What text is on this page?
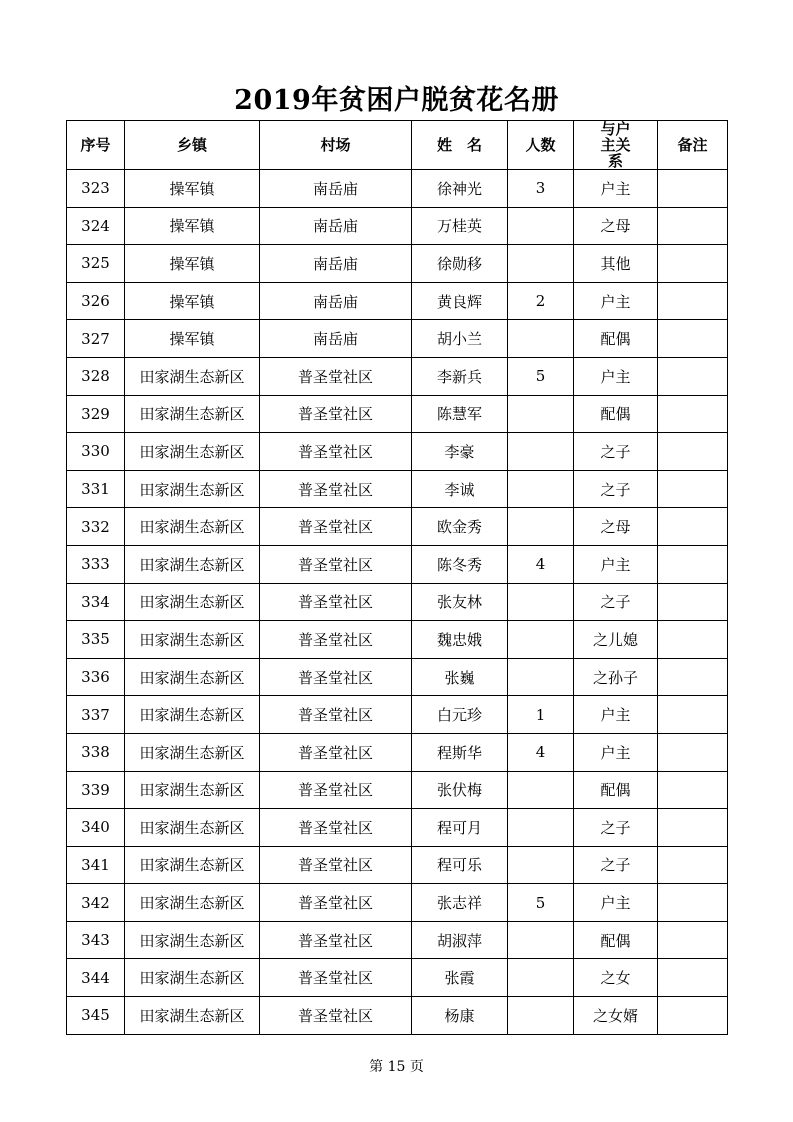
2019年贫困户脱贫花名册
序号	乡镇	村场	姓　名	人数	与户主关系	备注
323	操军镇	南岳庙	徐神光	3	户主	
324	操军镇	南岳庙	万桂英		之母	
325	操军镇	南岳庙	徐勋移		其他	
326	操军镇	南岳庙	黄良辉	2	户主	
327	操军镇	南岳庙	胡小兰		配偶	
328	田家湖生态新区	普圣堂社区	李新兵	5	户主	
329	田家湖生态新区	普圣堂社区	陈慧军		配偶	
330	田家湖生态新区	普圣堂社区	李豪		之子	
331	田家湖生态新区	普圣堂社区	李诚		之子	
332	田家湖生态新区	普圣堂社区	欧金秀		之母	
333	田家湖生态新区	普圣堂社区	陈冬秀	4	户主	
334	田家湖生态新区	普圣堂社区	张友林		之子	
335	田家湖生态新区	普圣堂社区	魏忠娥		之儿媳	
336	田家湖生态新区	普圣堂社区	张巍		之孙子	
337	田家湖生态新区	普圣堂社区	白元珍	1	户主	
338	田家湖生态新区	普圣堂社区	程斯华	4	户主	
339	田家湖生态新区	普圣堂社区	张伏梅		配偶	
340	田家湖生态新区	普圣堂社区	程可月		之子	
341	田家湖生态新区	普圣堂社区	程可乐		之子	
342	田家湖生态新区	普圣堂社区	张志祥	5	户主	
343	田家湖生态新区	普圣堂社区	胡淑萍		配偶	
344	田家湖生态新区	普圣堂社区	张霞		之女	
345	田家湖生态新区	普圣堂社区	杨康		之女婿	
第 15 页
